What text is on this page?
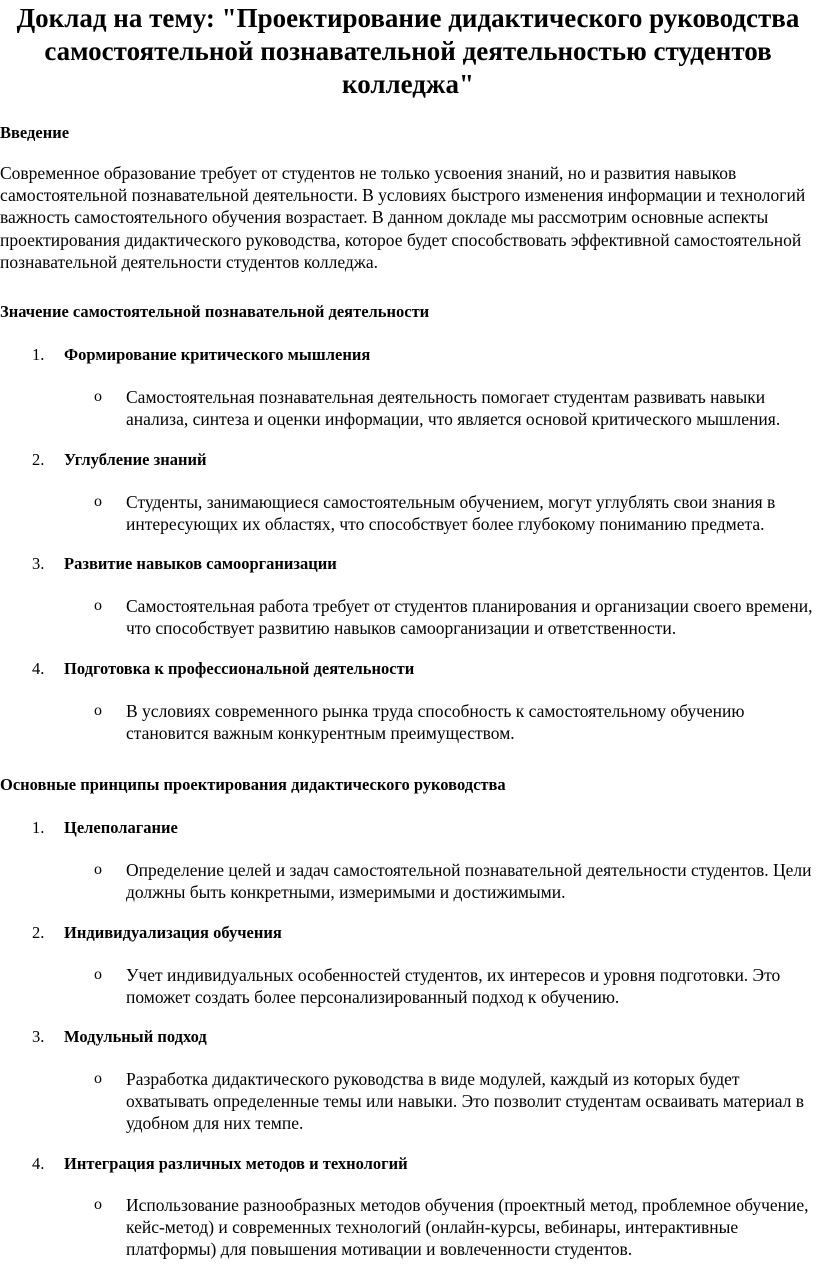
Доклад на тему: "Проектирование дидактического руководства самостоятельной познавательной деятельностью студентов колледжа"
Введение

Современное образование требует от студентов не только усвоения знаний, но и развития навыков самостоятельной познавательной деятельности. В условиях быстрого изменения информации и технологий важность самостоятельного обучения возрастает. В данном докладе мы рассмотрим основные аспекты проектирования дидактического руководства, которое будет способствовать эффективной самостоятельной познавательной деятельности студентов колледжа.

Значение самостоятельной познавательной деятельности
1. Формирование критического мышления
o Самостоятельная познавательная деятельность помогает студентам развивать навыки анализа, синтеза и оценки информации, что является основой критического мышления.

2. Углубление знаний
o Студенты, занимающиеся самостоятельным обучением, могут углублять свои знания в интересующих их областях, что способствует более глубокому пониманию предмета.

3. Развитие навыков самоорганизации
o Самостоятельная работа требует от студентов планирования и организации своего времени, что способствует развитию навыков самоорганизации и ответственности.

4. Подготовка к профессиональной деятельности
o В условиях современного рынка труда способность к самостоятельному обучению становится важным конкурентным преимуществом.

Основные принципы проектирования дидактического руководства
1. Целеполагание
o Определение целей и задач самостоятельной познавательной деятельности студентов. Цели должны быть конкретными, измеримыми и достижимыми.

2. Индивидуализация обучения
o Учет индивидуальных особенностей студентов, их интересов и уровня подготовки. Это поможет создать более персонализированный подход к обучению.

3. Модульный подход
o Разработка дидактического руководства в виде модулей, каждый из которых будет охватывать определенные темы или навыки. Это позволит студентам осваивать материал в удобном для них темпе.

4. Интеграция различных методов и технологий
o Использование разнообразных методов обучения (проектный метод, проблемное обучение, кейс-метод) и современных технологий (онлайн-курсы, вебинары, интерактивные платформы) для повышения мотивации и вовлеченности студентов.
